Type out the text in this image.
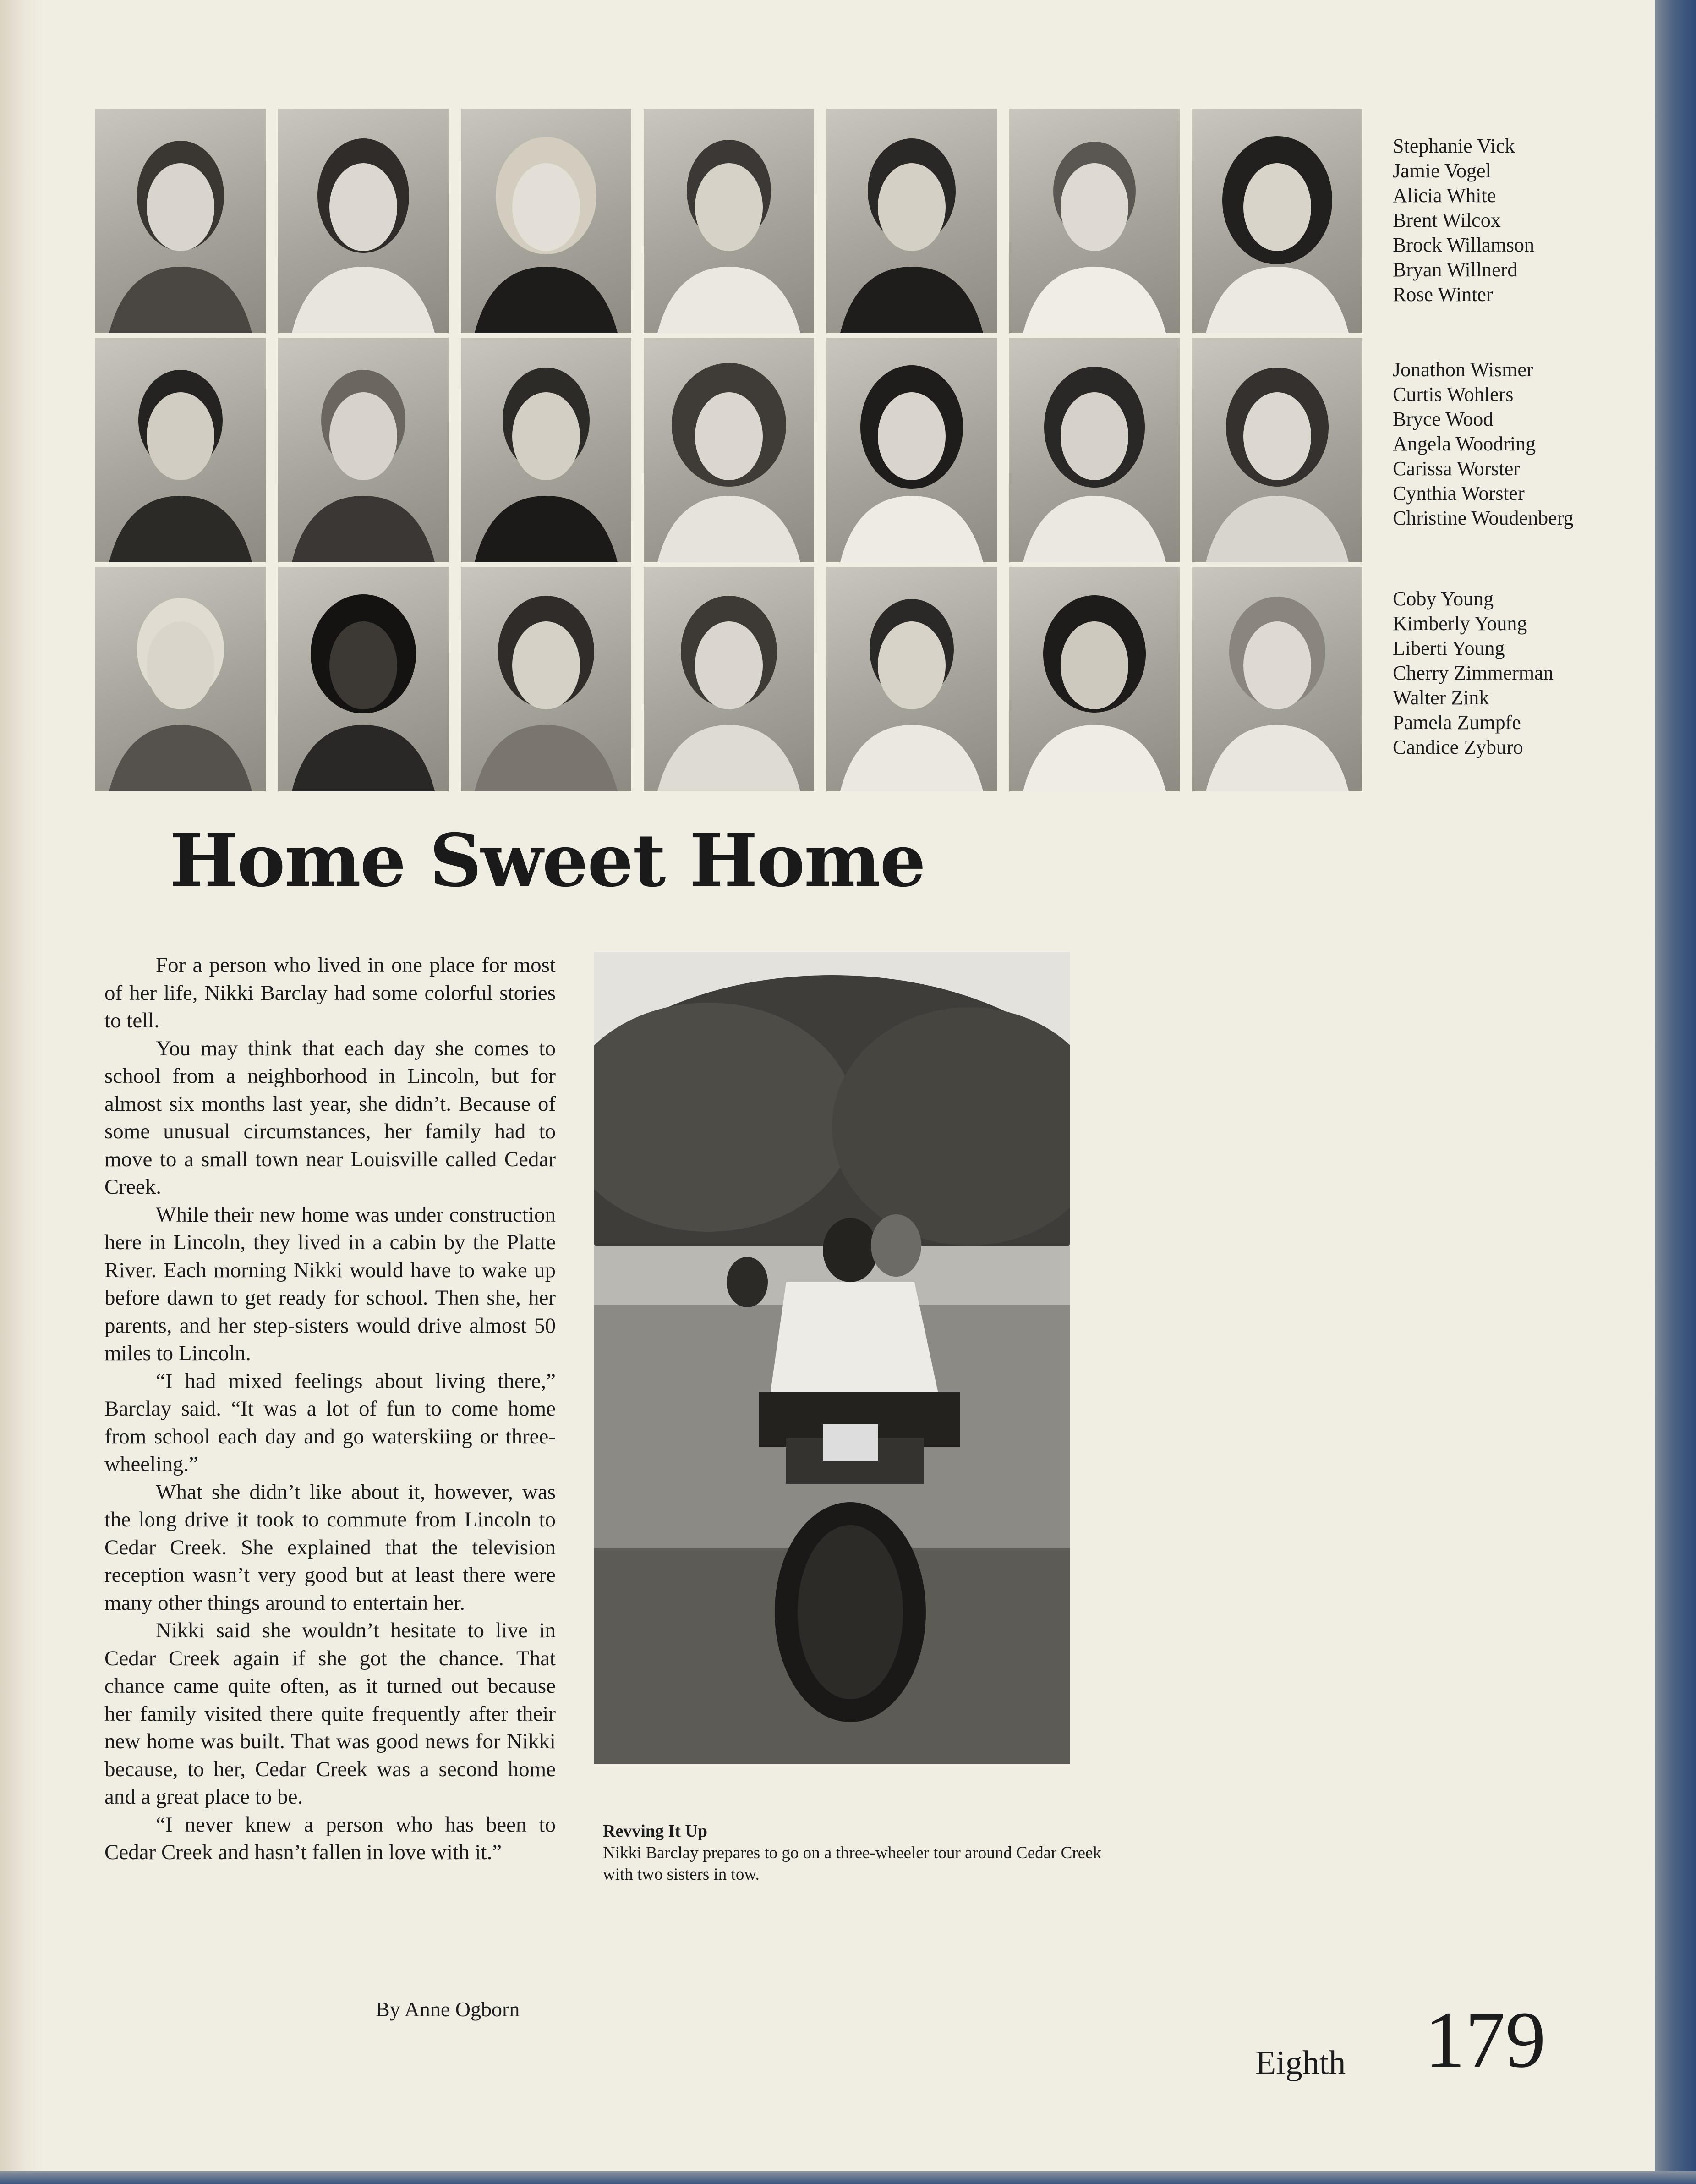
Stephanie Vick
Jamie Vogel
Alicia White
Brent Wilcox
Brock Willamson
Bryan Willnerd
Rose Winter
Jonathon Wismer
Curtis Wohlers
Bryce Wood
Angela Woodring
Carissa Worster
Cynthia Worster
Christine Woudenberg
Coby Young
Kimberly Young
Liberti Young
Cherry Zimmerman
Walter Zink
Pamela Zumpfe
Candice Zyburo
Home Sweet Home

For a person who lived in one place for most of her life, Nikki Barclay had some colorful stories to tell.

You may think that each day she comes to school from a neighborhood in Lincoln, but for almost six months last year, she didn’t. Because of some unusual circumstances, her family had to move to a small town near Louisville called Cedar Creek.

While their new home was under construction here in Lincoln, they lived in a cabin by the Platte River. Each morning Nikki would have to wake up before dawn to get ready for school. Then she, her parents, and her step-sisters would drive almost 50 miles to Lincoln.

“I had mixed feelings about living there,” Barclay said. “It was a lot of fun to come home from school each day and go waterskiing or three-wheeling.”

What she didn’t like about it, however, was the long drive it took to commute from Lincoln to Cedar Creek. She explained that the television reception wasn’t very good but at least there were many other things around to entertain her.

Nikki said she wouldn’t hesitate to live in Cedar Creek again if she got the chance. That chance came quite often, as it turned out because her family visited there quite frequently after their new home was built. That was good news for Nikki because, to her, Cedar Creek was a second home and a great place to be.

“I never knew a person who has been to Cedar Creek and hasn’t fallen in love with it.”

By Anne Ogborn

Revving It Up

Nikki Barclay prepares to go on a three-wheeler tour around Cedar Creek with two sisters in tow.

Eighth 179
